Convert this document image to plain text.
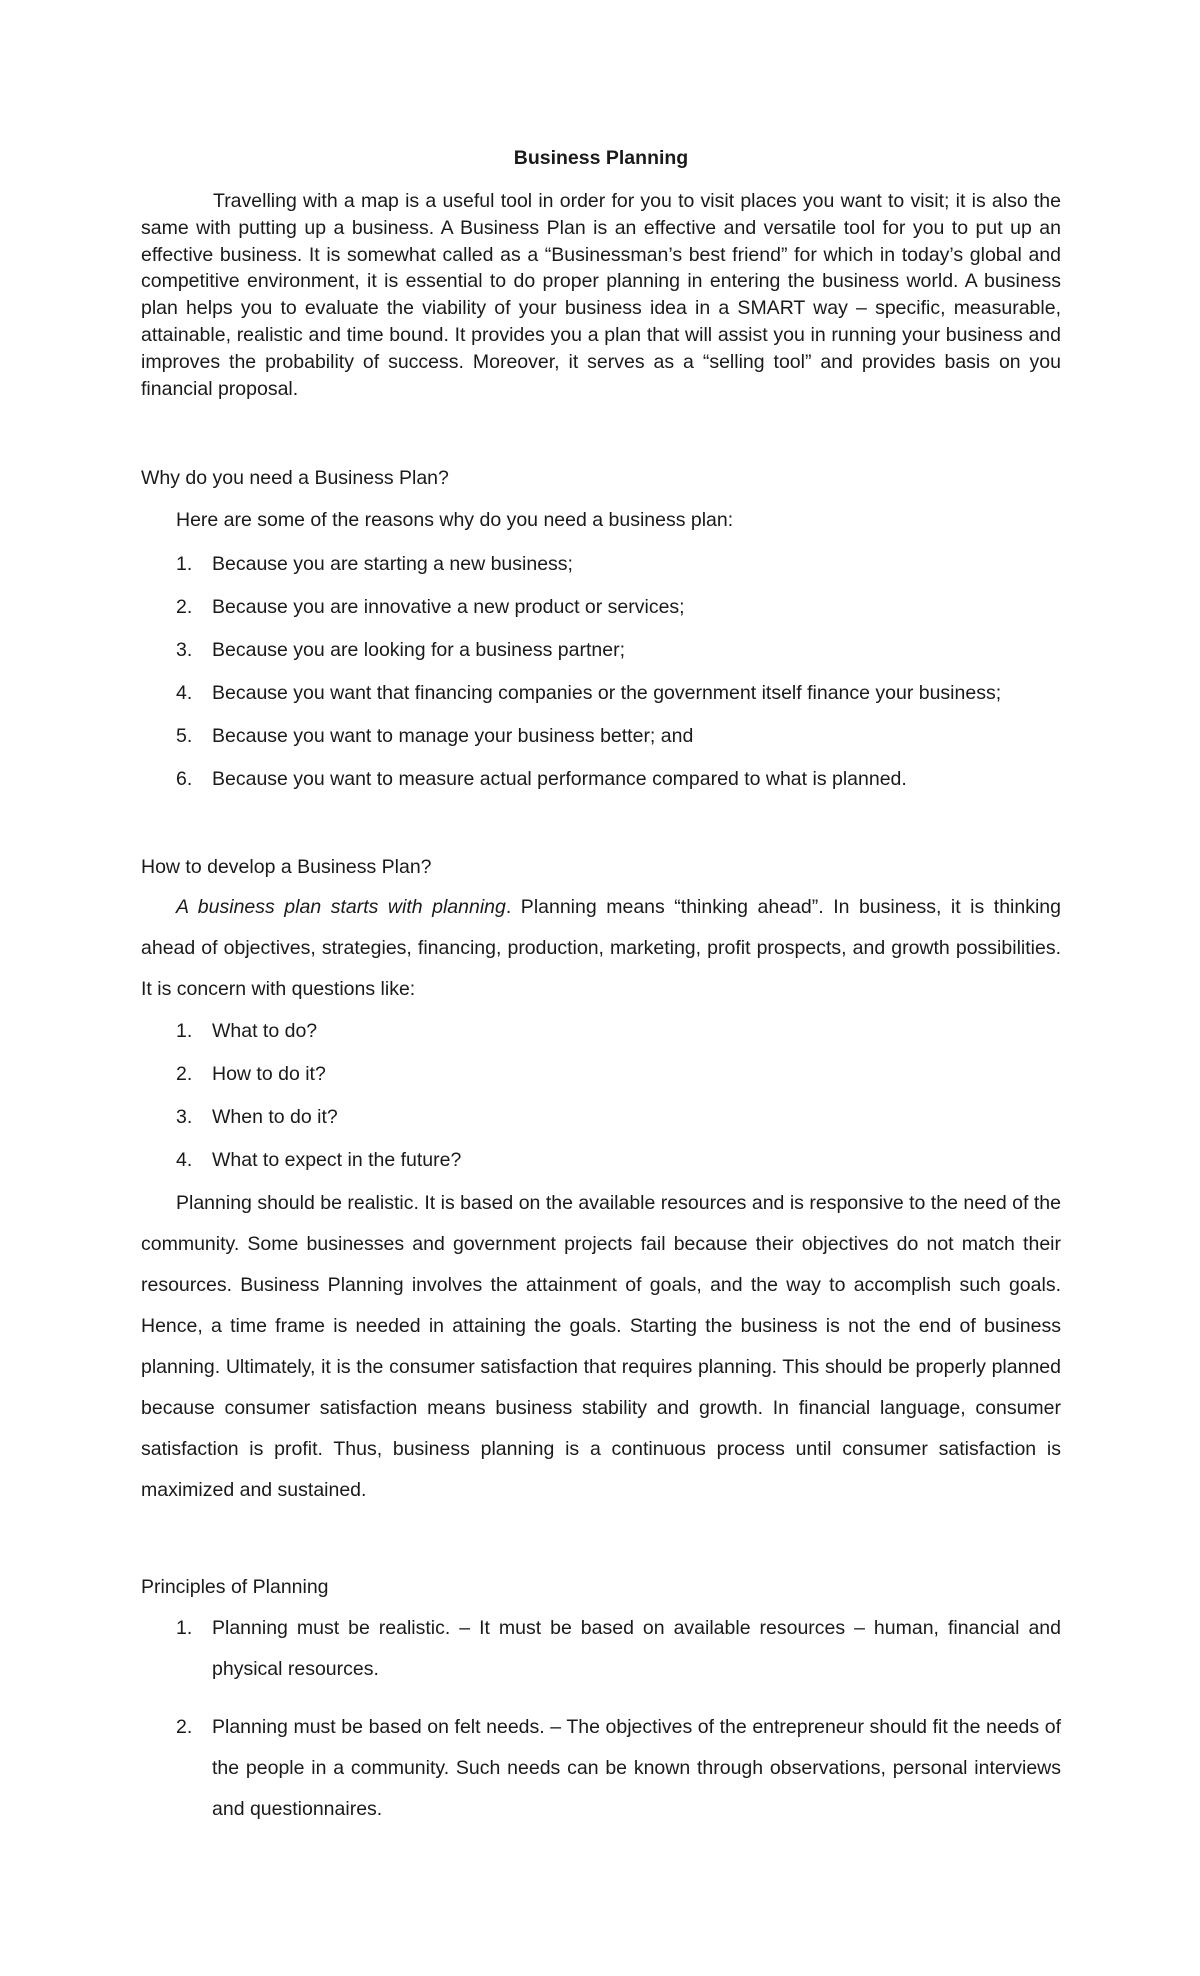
Business Planning

Travelling with a map is a useful tool in order for you to visit places you want to visit; it is also the same with putting up a business. A Business Plan is an effective and versatile tool for you to put up an effective business. It is somewhat called as a “Businessman’s best friend” for which in today’s global and competitive environment, it is essential to do proper planning in entering the business world. A business plan helps you to evaluate the viability of your business idea in a SMART way – specific, measurable, attainable, realistic and time bound. It provides you a plan that will assist you in running your business and improves the probability of success. Moreover, it serves as a “selling tool” and provides basis on you financial proposal.

Why do you need a Business Plan?

Here are some of the reasons why do you need a business plan:

1. Because you are starting a new business;
2. Because you are innovative a new product or services;
3. Because you are looking for a business partner;
4. Because you want that financing companies or the government itself finance your business;
5. Because you want to manage your business better; and
6. Because you want to measure actual performance compared to what is planned.

How to develop a Business Plan?

A business plan starts with planning. Planning means “thinking ahead”. In business, it is thinking ahead of objectives, strategies, financing, production, marketing, profit prospects, and growth possibilities. It is concern with questions like:

1. What to do?
2. How to do it?
3. When to do it?
4. What to expect in the future?

Planning should be realistic. It is based on the available resources and is responsive to the need of the community. Some businesses and government projects fail because their objectives do not match their resources. Business Planning involves the attainment of goals, and the way to accomplish such goals. Hence, a time frame is needed in attaining the goals. Starting the business is not the end of business planning. Ultimately, it is the consumer satisfaction that requires planning. This should be properly planned because consumer satisfaction means business stability and growth. In financial language, consumer satisfaction is profit. Thus, business planning is a continuous process until consumer satisfaction is maximized and sustained.

Principles of Planning

1. Planning must be realistic. – It must be based on available resources – human, financial and physical resources.
2. Planning must be based on felt needs. – The objectives of the entrepreneur should fit the needs of the people in a community. Such needs can be known through observations, personal interviews and questionnaires.
